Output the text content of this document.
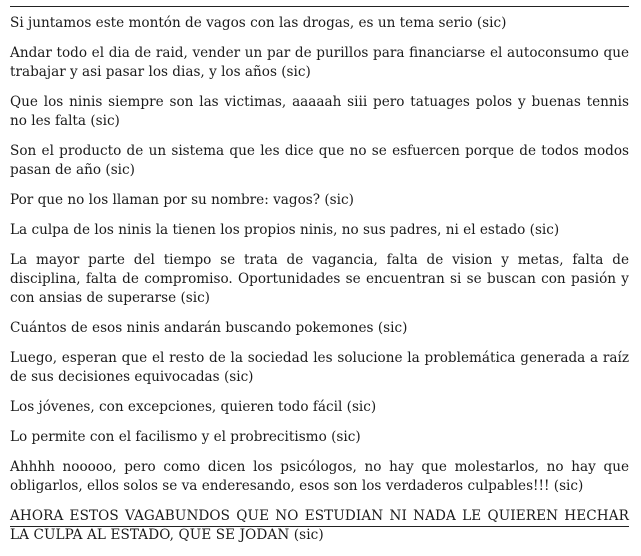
Si juntamos este montón de vagos con las drogas, es un tema serio (sic)
Andar todo el dia de raid, vender un par de purillos para financiarse el autoconsumo que trabajar y asi pasar los dias, y los años (sic)
Que los ninis siempre son las victimas, aaaaah siii pero tatuages polos y buenas tennis no les falta (sic)
Son el producto de un sistema que les dice que no se esfuercen porque de todos modos pasan de año (sic)
Por que no los llaman por su nombre: vagos? (sic)
La culpa de los ninis la tienen los propios ninis, no sus padres, ni el estado (sic)
La mayor parte del tiempo se trata de vagancia, falta de vision y metas, falta de disciplina, falta de compromiso. Oportunidades se encuentran si se buscan con pasión y con ansias de superarse (sic)
Cuántos de esos ninis andarán buscando pokemones (sic)
Luego, esperan que el resto de la sociedad les solucione la problemática generada a raíz de sus decisiones equivocadas (sic)
Los jóvenes, con excepciones, quieren todo fácil (sic)
Lo permite con el facilismo y el probrecitismo (sic)
Ahhhh nooooo, pero como dicen los psicólogos, no hay que molestarlos, no hay que obligarlos, ellos solos se va enderesando, esos son los verdaderos culpables!!! (sic)
AHORA ESTOS VAGABUNDOS QUE NO ESTUDIAN NI NADA LE QUIEREN HECHAR LA CULPA AL ESTADO, QUE SE JODAN (sic)
